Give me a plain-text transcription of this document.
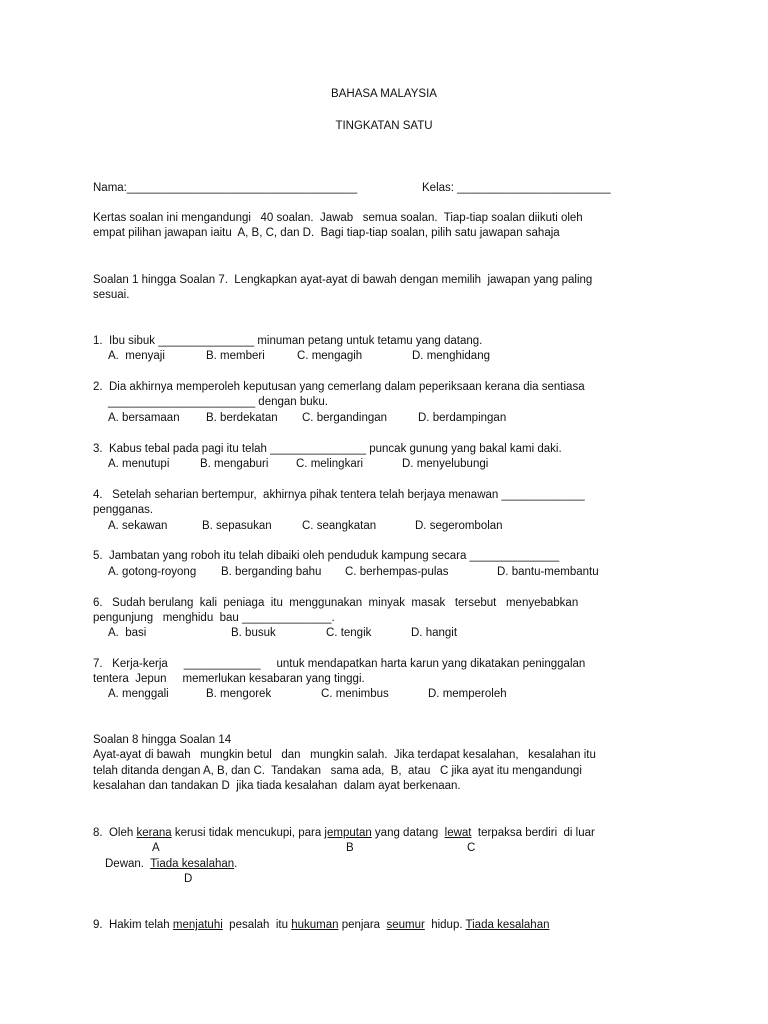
BAHASA MALAYSIA
TINGKATAN SATU
Nama:____________________________________	Kelas: ________________________
Kertas soalan ini mengandungi   40 soalan.  Jawab   semua soalan.  Tiap-tiap soalan diikuti oleh
empat pilihan jawapan iaitu  A, B, C, dan D.  Bagi tiap-tiap soalan, pilih satu jawapan sahaja
Soalan 1 hingga Soalan 7.  Lengkapkan ayat-ayat di bawah dengan memilih  jawapan yang paling
sesuai.
1.  Ibu sibuk _______________ minuman petang untuk tetamu yang datang.
A.  menyaji	B. memberi	C. mengagih	D. menghidang
2.  Dia akhirnya memperoleh keputusan yang cemerlang dalam peperiksaan kerana dia sentiasa
_______________________ dengan buku.
A. bersamaan B. berdekatan C. bergandingan	D. berdampingan
3.  Kabus tebal pada pagi itu telah _______________ puncak gunung yang bakal kami daki.
A. menutupi	B. mengaburi C. melingkari	D. menyelubungi
4.   Setelah seharian bertempur,  akhirnya pihak tentera telah berjaya menawan _____________
pengganas.
A. sekawan	B. sepasukan	C. seangkatan	D. segerombolan
5.  Jambatan yang roboh itu telah dibaiki oleh penduduk kampung secara ______________
A. gotong-royong B. berganding bahu C. berhempas-pulas	D. bantu-membantu
6.   Sudah berulang  kali  peniaga  itu  menggunakan  minyak  masak   tersebut   menyebabkan
pengunjung   menghidu  bau ______________.
A.  basi	B. busuk	C. tengik	D. hangit
7.   Kerja-kerja     ____________     untuk mendapatkan harta karun yang dikatakan peninggalan
tentera  Jepun     memerlukan kesabaran yang tinggi.
A. menggali	B. mengorek	C. menimbus	D. memperoleh
Soalan 8 hingga Soalan 14
Ayat-ayat di bawah   mungkin betul   dan   mungkin salah.  Jika terdapat kesalahan,   kesalahan itu
telah ditanda dengan A, B, dan C.  Tandakan   sama ada,  B,  atau   C jika ayat itu mengandungi
kesalahan dan tandakan D  jika tiada kesalahan  dalam ayat berkenaan.
8.  Oleh kerana kerusi tidak mencukupi, para jemputan yang datang  lewat  terpaksa berdiri  di luar
A	B	C
Dewan.  Tiada kesalahan.
D
9.  Hakim telah menjatuhi  pesalah  itu hukuman penjara  seumur  hidup. Tiada kesalahan
